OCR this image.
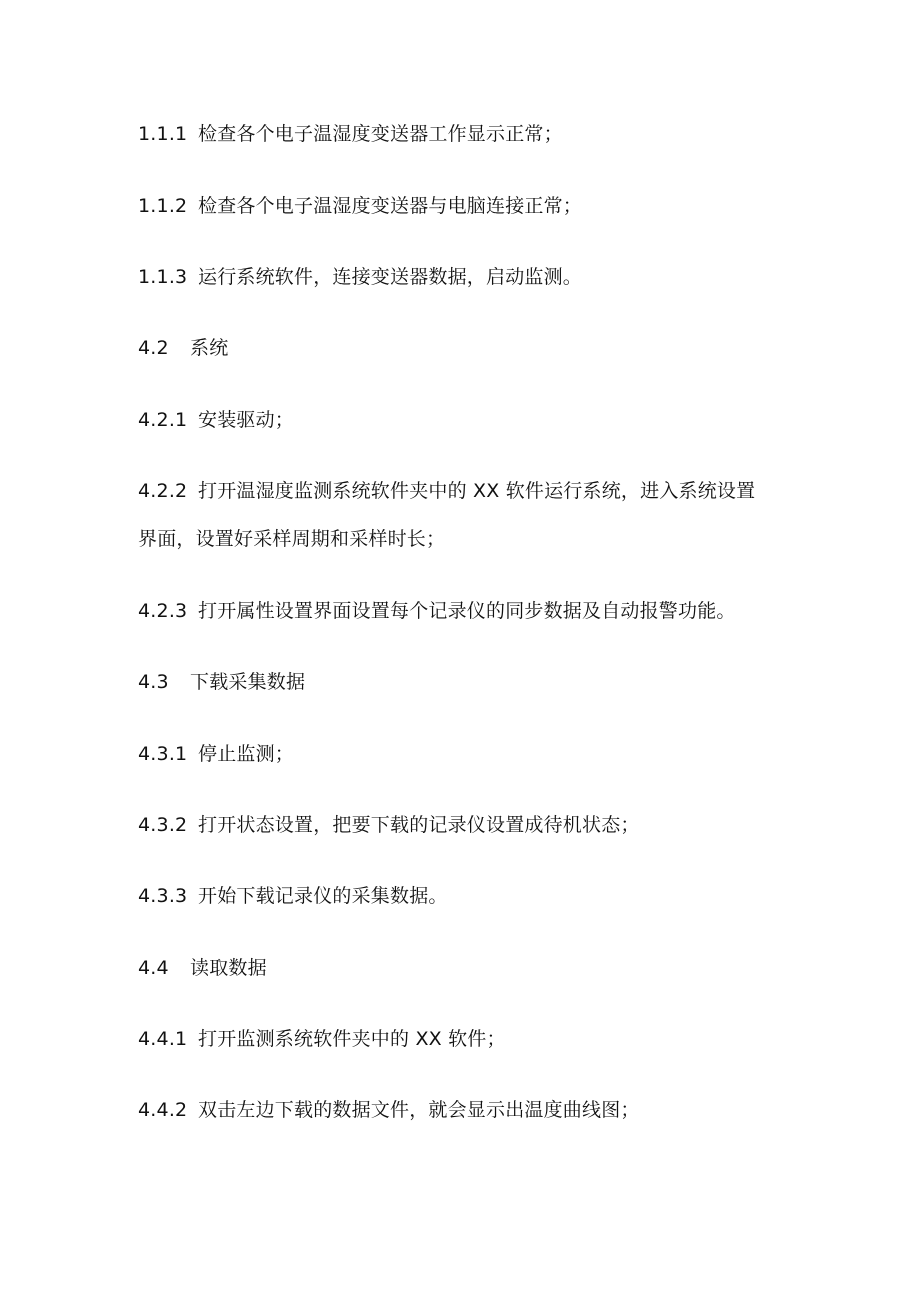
1.1.1 检查各个电子温湿度变送器工作显示正常；
1.1.2 检查各个电子温湿度变送器与电脑连接正常；
1.1.3 运行系统软件，连接变送器数据，启动监测。
4.2 系统
4.2.1 安装驱动；
4.2.2 打开温湿度监测系统软件夹中的 XX 软件运行系统，进入系统设置
界面，设置好采样周期和采样时长；
4.2.3 打开属性设置界面设置每个记录仪的同步数据及自动报警功能。
4.3 下载采集数据
4.3.1 停止监测；
4.3.2 打开状态设置，把要下载的记录仪设置成待机状态；
4.3.3 开始下载记录仪的采集数据。
4.4 读取数据
4.4.1 打开监测系统软件夹中的 XX 软件；
4.4.2 双击左边下载的数据文件，就会显示出温度曲线图；
